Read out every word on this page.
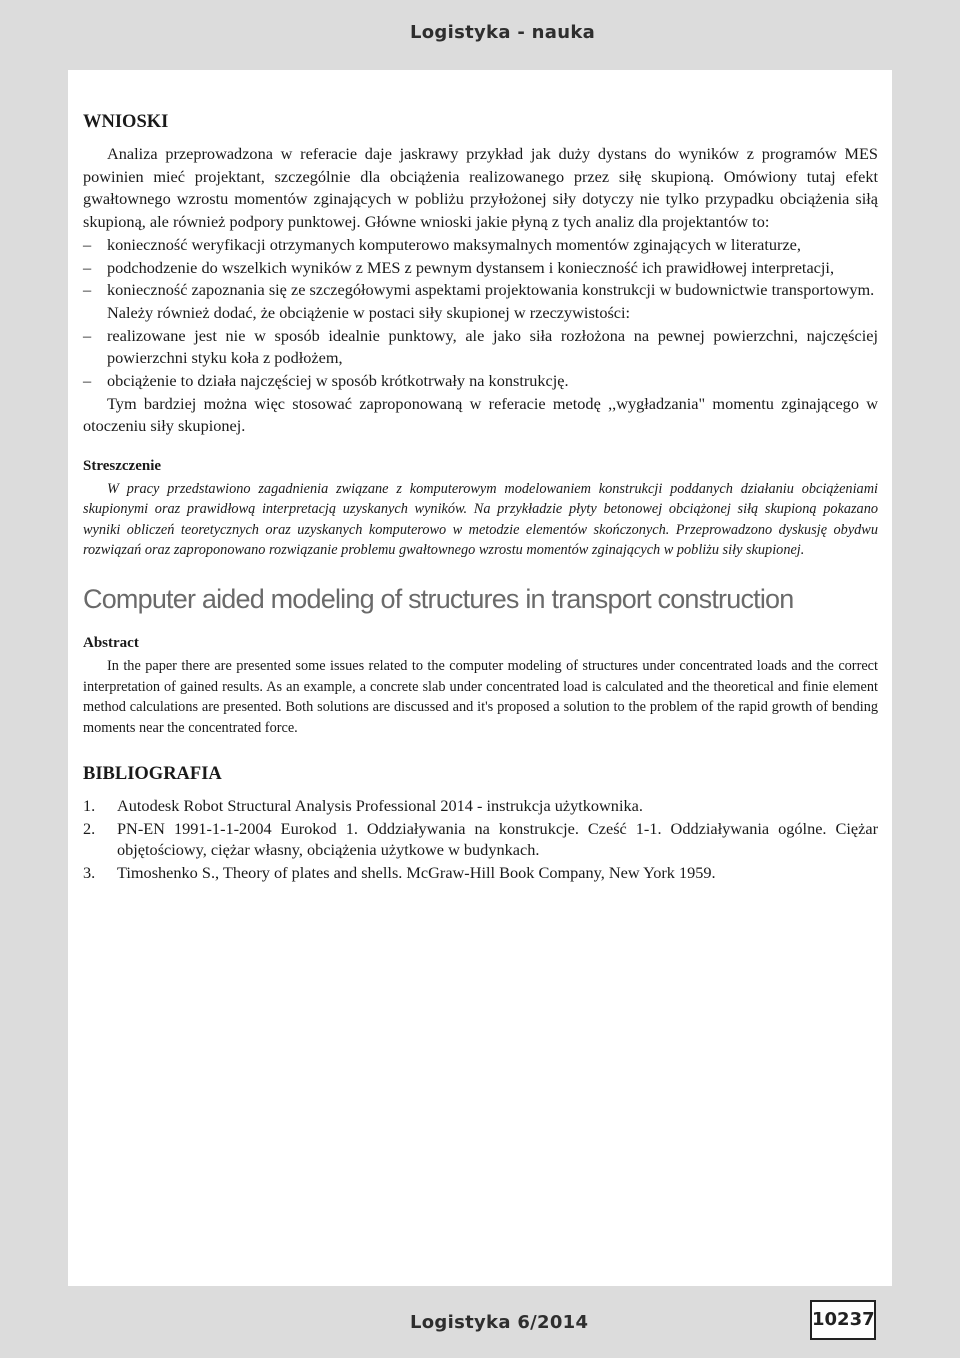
Logistyka - nauka
WNIOSKI

Analiza przeprowadzona w referacie daje jaskrawy przykład jak duży dystans do wyników z programów MES powinien mieć projektant, szczególnie dla obciążenia realizowanego przez siłę skupioną. Omówiony tutaj efekt gwałtownego wzrostu momentów zginających w pobliżu przyłożonej siły dotyczy nie tylko przypadku obciążenia siłą skupioną, ale również podpory punktowej. Główne wnioski jakie płyną z tych analiz dla projektantów to:

– konieczność weryfikacji otrzymanych komputerowo maksymalnych momentów zginających w literaturze,
– podchodzenie do wszelkich wyników z MES z pewnym dystansem i konieczność ich prawidłowej interpretacji,
– konieczność zapoznania się ze szczegółowymi aspektami projektowania konstrukcji w budownictwie transportowym.

Należy również dodać, że obciążenie w postaci siły skupionej w rzeczywistości:

– realizowane jest nie w sposób idealnie punktowy, ale jako siła rozłożona na pewnej powierzchni, najczęściej powierzchni styku koła z podłożem,
– obciążenie to działa najczęściej w sposób krótkotrwały na konstrukcję.

Tym bardziej można więc stosować zaproponowaną w referacie metodę ,,wygładzania" momentu zginającego w otoczeniu siły skupionej.

Streszczenie

W pracy przedstawiono zagadnienia związane z komputerowym modelowaniem konstrukcji poddanych działaniu obciążeniami skupionymi oraz prawidłową interpretacją uzyskanych wyników. Na przykładzie płyty betonowej obciążonej siłą skupioną pokazano wyniki obliczeń teoretycznych oraz uzyskanych komputerowo w metodzie elementów skończonych. Przeprowadzono dyskusję obydwu rozwiązań oraz zaproponowano rozwiązanie problemu gwałtownego wzrostu momentów zginających w pobliżu siły skupionej.

Computer aided modeling of structures in transport construction
Abstract

In the paper there are presented some issues related to the computer modeling of structures under concentrated loads and the correct interpretation of gained results. As an example, a concrete slab under concentrated load is calculated and the theoretical and finie element method calculations are presented. Both solutions are discussed and it's proposed a solution to the problem of the rapid growth of bending moments near the concentrated force.

BIBLIOGRAFIA
1. Autodesk Robot Structural Analysis Professional 2014 - instrukcja użytkownika.
2. PN-EN 1991-1-1-2004 Eurokod 1. Oddziaływania na konstrukcje. Cześć 1-1. Oddziaływania ogólne. Ciężar objętościowy, ciężar własny, obciążenia użytkowe w budynkach.
3. Timoshenko S., Theory of plates and shells. McGraw-Hill Book Company, New York 1959.
Logistyka 6/2014	10237
